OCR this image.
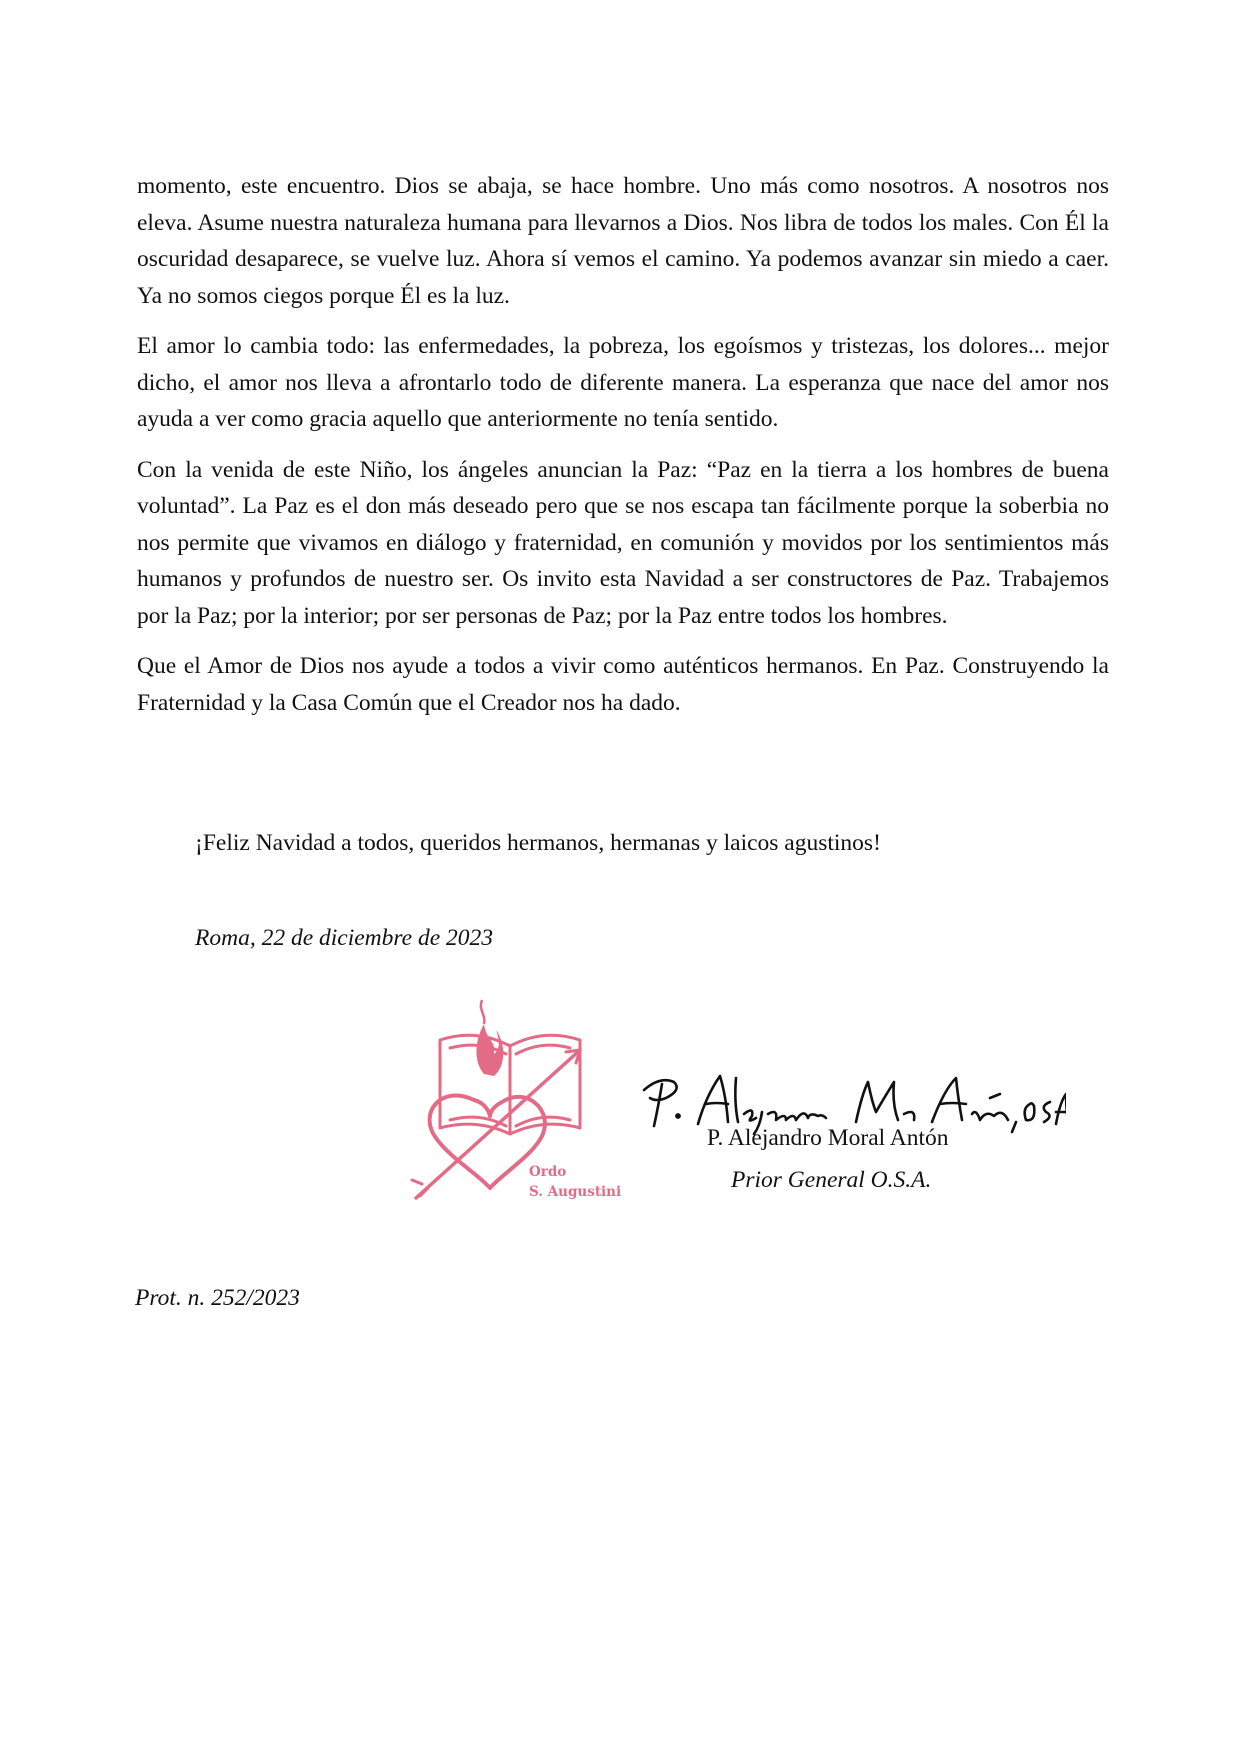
momento, este encuentro. Dios se abaja, se hace hombre. Uno más como nosotros. A nosotros nos eleva. Asume nuestra naturaleza humana para llevarnos a Dios. Nos libra de todos los males. Con Él la oscuridad desaparece, se vuelve luz. Ahora sí vemos el camino. Ya podemos avanzar sin miedo a caer. Ya no somos ciegos porque Él es la luz.

El amor lo cambia todo: las enfermedades, la pobreza, los egoísmos y tristezas, los dolores... mejor dicho, el amor nos lleva a afrontarlo todo de diferente manera. La esperanza que nace del amor nos ayuda a ver como gracia aquello que anteriormente no tenía sentido.

Con la venida de este Niño, los ángeles anuncian la Paz: “Paz en la tierra a los hombres de buena voluntad”. La Paz es el don más deseado pero que se nos escapa tan fácilmente porque la soberbia no nos permite que vivamos en diálogo y fraternidad, en comunión y movidos por los sentimientos más humanos y profundos de nuestro ser. Os invito esta Navidad a ser constructores de Paz. Trabajemos por la Paz; por la interior; por ser personas de Paz; por la Paz entre todos los hombres.

Que el Amor de Dios nos ayude a todos a vivir como auténticos hermanos. En Paz. Construyendo la Fraternidad y la Casa Común que el Creador nos ha dado.

¡Feliz Navidad a todos, queridos hermanos, hermanas y laicos agustinos!
Roma, 22 de diciembre de 2023
Ordo
S. Augustini
P. Alejandro Moral Antón
Prior General O.S.A.
Prot. n. 252/2023
